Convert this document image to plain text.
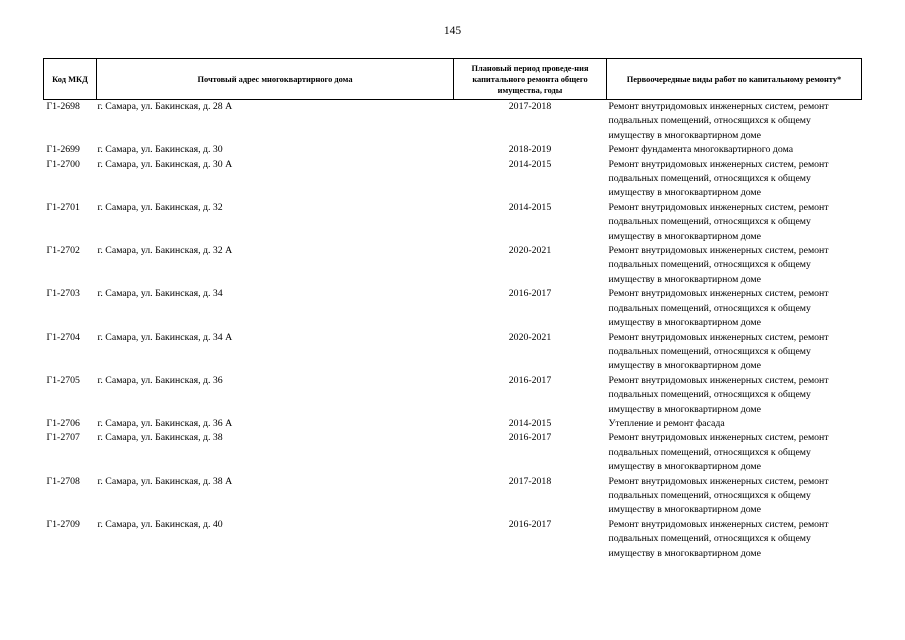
145
Код МКД	Почтовый адрес многоквартирного дома	Плановый период проведе-ния капитального ремонта общего имущества, годы	Первоочередные виды работ по капитальному ремонту*
Г1-2698	г. Самара, ул. Бакинская, д. 28 А	2017-2018	Ремонт внутридомовых инженерных систем, ремонт подвальных помещений, относящихся к общему имуществу в многоквартирном доме
Г1-2699	г. Самара, ул. Бакинская, д. 30	2018-2019	Ремонт фундамента многоквартирного дома
Г1-2700	г. Самара, ул. Бакинская, д. 30 А	2014-2015	Ремонт внутридомовых инженерных систем, ремонт подвальных помещений, относящихся к общему имуществу в многоквартирном доме
Г1-2701	г. Самара, ул. Бакинская, д. 32	2014-2015	Ремонт внутридомовых инженерных систем, ремонт подвальных помещений, относящихся к общему имуществу в многоквартирном доме
Г1-2702	г. Самара, ул. Бакинская, д. 32 А	2020-2021	Ремонт внутридомовых инженерных систем, ремонт подвальных помещений, относящихся к общему имуществу в многоквартирном доме
Г1-2703	г. Самара, ул. Бакинская, д. 34	2016-2017	Ремонт внутридомовых инженерных систем, ремонт подвальных помещений, относящихся к общему имуществу в многоквартирном доме
Г1-2704	г. Самара, ул. Бакинская, д. 34 А	2020-2021	Ремонт внутридомовых инженерных систем, ремонт подвальных помещений, относящихся к общему имуществу в многоквартирном доме
Г1-2705	г. Самара, ул. Бакинская, д. 36	2016-2017	Ремонт внутридомовых инженерных систем, ремонт подвальных помещений, относящихся к общему имуществу в многоквартирном доме
Г1-2706	г. Самара, ул. Бакинская, д. 36 А	2014-2015	Утепление и ремонт фасада
Г1-2707	г. Самара, ул. Бакинская, д. 38	2016-2017	Ремонт внутридомовых инженерных систем, ремонт подвальных помещений, относящихся к общему имуществу в многоквартирном доме
Г1-2708	г. Самара, ул. Бакинская, д. 38 А	2017-2018	Ремонт внутридомовых инженерных систем, ремонт подвальных помещений, относящихся к общему имуществу в многоквартирном доме
Г1-2709	г. Самара, ул. Бакинская, д. 40	2016-2017	Ремонт внутридомовых инженерных систем, ремонт подвальных помещений, относящихся к общему имуществу в многоквартирном доме
